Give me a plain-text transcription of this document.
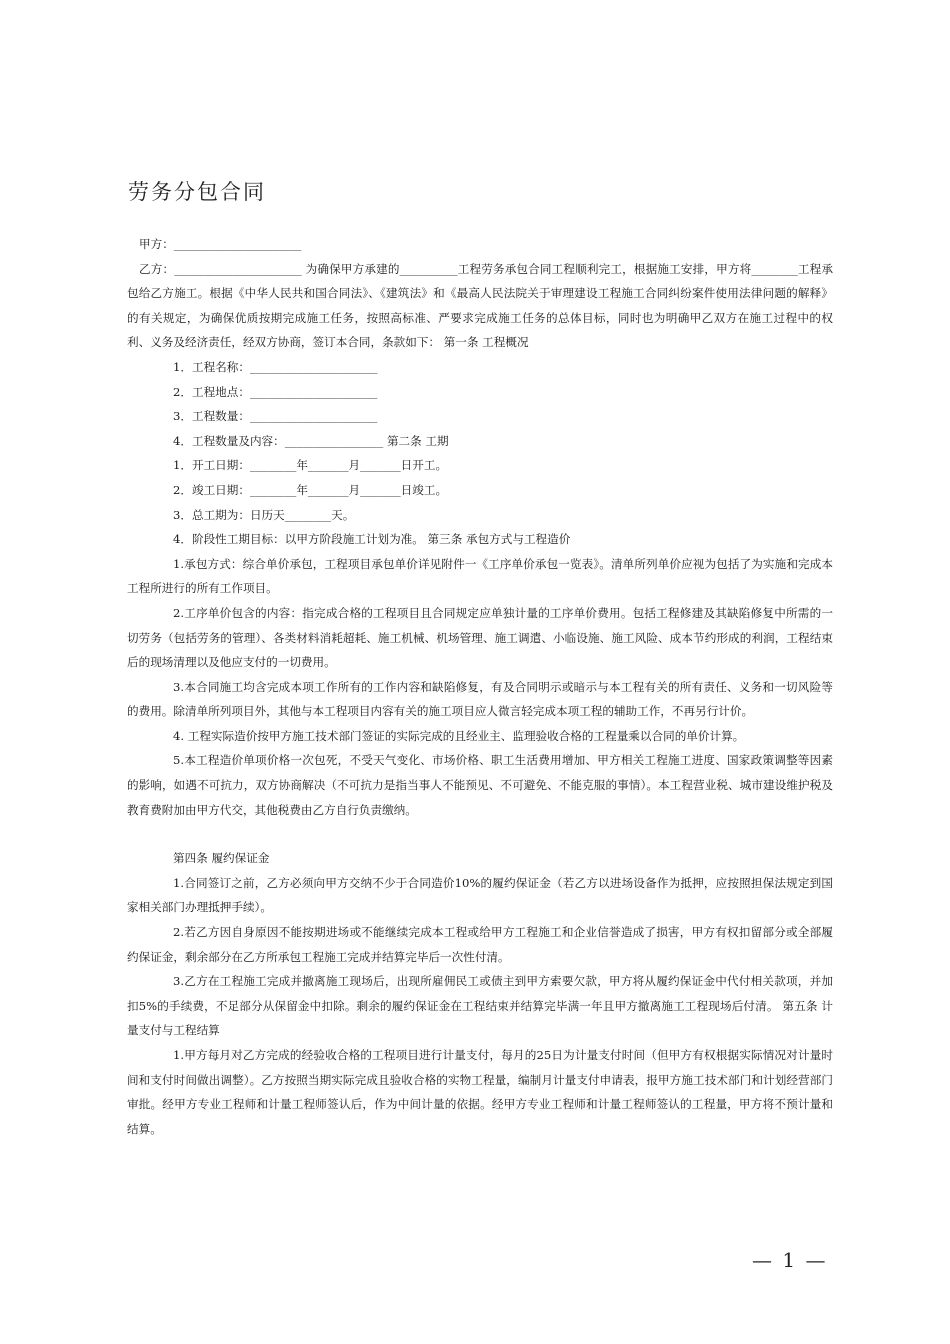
劳务分包合同

甲方：______________________

乙方：______________________ 为确保甲方承建的__________工程劳务承包合同工程顺利完工，根据施工安排，甲方将________工程承包给乙方施工。根据《中华人民共和国合同法》、《建筑法》和《最高人民法院关于审理建设工程施工合同纠纷案件使用法律问题的解释》的有关规定，为确保优质按期完成施工任务，按照高标准、严要求完成施工任务的总体目标，同时也为明确甲乙双方在施工过程中的权利、义务及经济责任，经双方协商，签订本合同，条款如下： 第一条 工程概况

1．工程名称：______________________

2．工程地点：______________________

3．工程数量：______________________

4．工程数量及内容：_________________ 第二条 工期

1．开工日期：________年_______月_______日开工。

2．竣工日期：________年_______月_______日竣工。

3．总工期为：日历天________天。

4．阶段性工期目标：以甲方阶段施工计划为准。 第三条 承包方式与工程造价

1.承包方式：综合单价承包，工程项目承包单价详见附件一《工序单价承包一览表》。清单所列单价应视为包括了为实施和完成本工程所进行的所有工作项目。

2.工序单价包含的内容：指完成合格的工程项目且合同规定应单独计量的工序单价费用。包括工程修建及其缺陷修复中所需的一切劳务（包括劳务的管理）、各类材料消耗超耗、施工机械、机场管理、施工调遣、小临设施、施工风险、成本节约形成的利润，工程结束后的现场清理以及他应支付的一切费用。

3.本合同施工均含完成本项工作所有的工作内容和缺陷修复，有及合同明示或暗示与本工程有关的所有责任、义务和一切风险等的费用。除清单所列项目外，其他与本工程项目内容有关的施工项目应人微言轻完成本项工程的辅助工作，不再另行计价。

4. 工程实际造价按甲方施工技术部门签证的实际完成的且经业主、监理验收合格的工程量乘以合同的单价计算。

5.本工程造价单项价格一次包死，不受天气变化、市场价格、职工生活费用增加、甲方相关工程施工进度、国家政策调整等因素的影响，如遇不可抗力，双方协商解决（不可抗力是指当事人不能预见、不可避免、不能克服的事情）。本工程营业税、城市建设维护税及教育费附加由甲方代交，其他税费由乙方自行负责缴纳。

第四条 履约保证金

1.合同签订之前，乙方必须向甲方交纳不少于合同造价10%的履约保证金（若乙方以进场设备作为抵押，应按照担保法规定到国家相关部门办理抵押手续）。

2.若乙方因自身原因不能按期进场或不能继续完成本工程或给甲方工程施工和企业信誉造成了损害，甲方有权扣留部分或全部履约保证金，剩余部分在乙方所承包工程施工完成并结算完毕后一次性付清。

3.乙方在工程施工完成并撤离施工现场后，出现所雇佣民工或债主到甲方索要欠款，甲方将从履约保证金中代付相关款项，并加扣5%的手续费，不足部分从保留金中扣除。剩余的履约保证金在工程结束并结算完毕满一年且甲方撤离施工工程现场后付清。 第五条 计量支付与工程结算

1.甲方每月对乙方完成的经验收合格的工程项目进行计量支付，每月的25日为计量支付时间（但甲方有权根据实际情况对计量时间和支付时间做出调整）。乙方按照当期实际完成且验收合格的实物工程量，编制月计量支付申请表，报甲方施工技术部门和计划经营部门审批。经甲方专业工程师和计量工程师签认后，作为中间计量的依据。经甲方专业工程师和计量工程师签认的工程量，甲方将不预计量和结算。

— 1 —
